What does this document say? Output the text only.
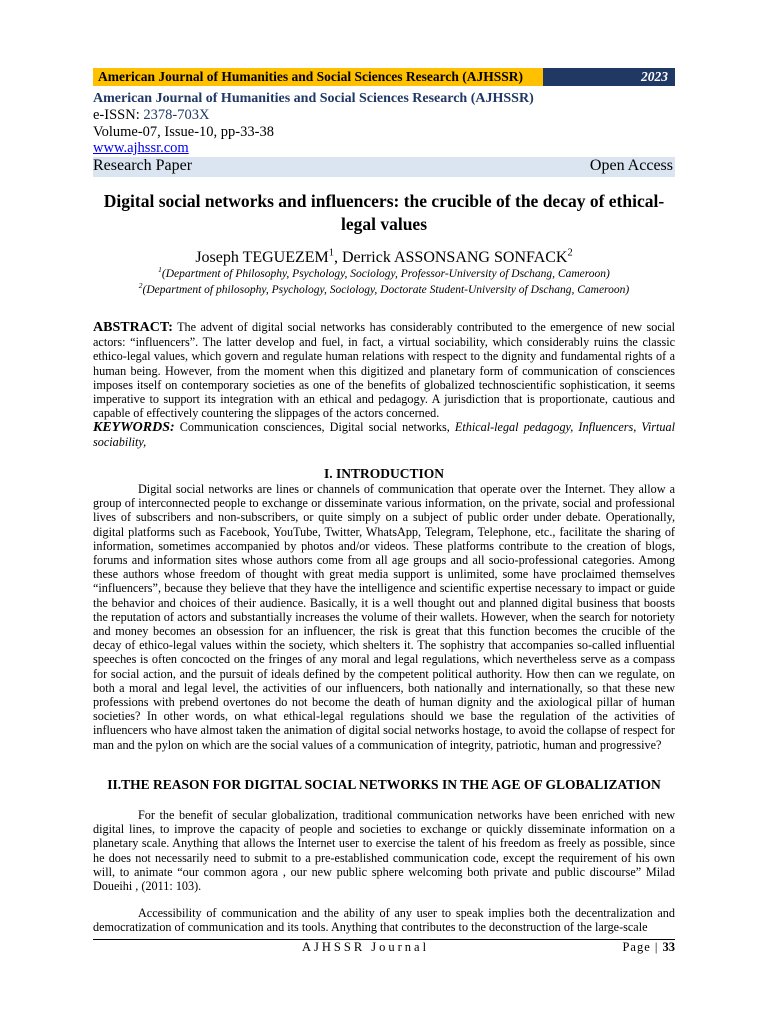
American Journal of Humanities and Social Sciences Research (AJHSSR)	2023
American Journal of Humanities and Social Sciences Research (AJHSSR)
e-ISSN: 2378-703X
Volume-07, Issue-10, pp-33-38
www.ajhssr.com
Research Paper	Open Access
Digital social networks and influencers: the crucible of the decay of ethical-legal values
Joseph TEGUEZEM$^1$, Derrick ASSONSANG SONFACK$^2$
$^1$(Department of Philosophy, Psychology, Sociology, Professor-University of Dschang, Cameroon)
$^2$(Department of philosophy, Psychology, Sociology, Doctorate Student-University of Dschang, Cameroon)
ABSTRACT: The advent of digital social networks has considerably contributed to the emergence of new social actors: “influencers”. The latter develop and fuel, in fact, a virtual sociability, which considerably ruins the classic ethico-legal values, which govern and regulate human relations with respect to the dignity and fundamental rights of a human being. However, from the moment when this digitized and planetary form of communication of consciences imposes itself on contemporary societies as one of the benefits of globalized technoscientific sophistication, it seems imperative to support its integration with an ethical and pedagogy. A jurisdiction that is proportionate, cautious and capable of effectively countering the slippages of the actors concerned.
KEYWORDS: Communication consciences, Digital social networks, Ethical-legal pedagogy, Influencers, Virtual sociability,
I. INTRODUCTION
Digital social networks are lines or channels of communication that operate over the Internet. They allow a group of interconnected people to exchange or disseminate various information, on the private, social and professional lives of subscribers and non-subscribers, or quite simply on a subject of public order under debate. Operationally, digital platforms such as Facebook, YouTube, Twitter, WhatsApp, Telegram, Telephone, etc., facilitate the sharing of information, sometimes accompanied by photos and/or videos. These platforms contribute to the creation of blogs, forums and information sites whose authors come from all age groups and all socio-professional categories. Among these authors whose freedom of thought with great media support is unlimited, some have proclaimed themselves “influencers”, because they believe that they have the intelligence and scientific expertise necessary to impact or guide the behavior and choices of their audience. Basically, it is a well thought out and planned digital business that boosts the reputation of actors and substantially increases the volume of their wallets. However, when the search for notoriety and money becomes an obsession for an influencer, the risk is great that this function becomes the crucible of the decay of ethico-legal values within the society, which shelters it. The sophistry that accompanies so-called influential speeches is often concocted on the fringes of any moral and legal regulations, which nevertheless serve as a compass for social action, and the pursuit of ideals defined by the competent political authority. How then can we regulate, on both a moral and legal level, the activities of our influencers, both nationally and internationally, so that these new professions with prebend overtones do not become the death of human dignity and the axiological pillar of human societies? In other words, on what ethical-legal regulations should we base the regulation of the activities of influencers who have almost taken the animation of digital social networks hostage, to avoid the collapse of respect for man and the pylon on which are the social values of a communication of integrity, patriotic, human and progressive?
II.THE REASON FOR DIGITAL SOCIAL NETWORKS IN THE AGE OF GLOBALIZATION
For the benefit of secular globalization, traditional communication networks have been enriched with new digital lines, to improve the capacity of people and societies to exchange or quickly disseminate information on a planetary scale. Anything that allows the Internet user to exercise the talent of his freedom as freely as possible, since he does not necessarily need to submit to a pre-established communication code, except the requirement of his own will, to animate “our common agora , our new public sphere welcoming both private and public discourse” Milad Doueihi , (2011: 103).
Accessibility of communication and the ability of any user to speak implies both the decentralization and democratization of communication and its tools. Anything that contributes to the deconstruction of the large-scale
AJHSSR Journal	Page | 33
